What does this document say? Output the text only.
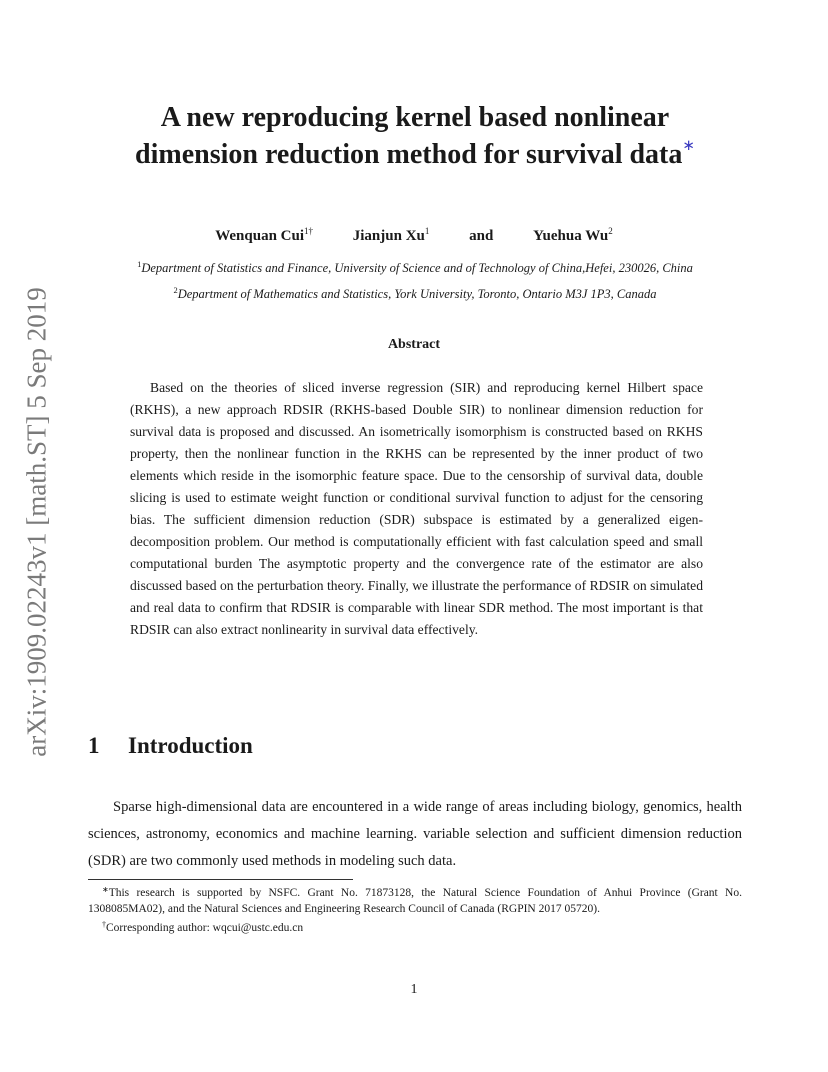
arXiv:1909.02243v1 [math.ST] 5 Sep 2019
A new reproducing kernel based nonlinear
dimension reduction method for survival data∗
Wenquan Cui$^{1\dagger}$	Jianjun Xu$^1$	and	Yuehua Wu$^2$
$^1$Department of Statistics and Finance, University of Science and of Technology of China,Hefei, 230026, China
$^2$Department of Mathematics and Statistics, York University, Toronto, Ontario M3J 1P3, Canada
Abstract

Based on the theories of sliced inverse regression (SIR) and reproducing kernel Hilbert space (RKHS), a new approach RDSIR (RKHS-based Double SIR) to nonlinear dimension reduction for survival data is proposed and discussed. An isometrically isomorphism is constructed based on RKHS property, then the nonlinear function in the RKHS can be represented by the inner product of two elements which reside in the isomorphic feature space. Due to the censorship of survival data, double slicing is used to estimate weight function or conditional survival function to adjust for the censoring bias. The sufficient dimension reduction (SDR) subspace is estimated by a generalized eigen-decomposition problem. Our method is computationally efficient with fast calculation speed and small computational burden The asymptotic property and the convergence rate of the estimator are also discussed based on the perturbation theory. Finally, we illustrate the performance of RDSIR on simulated and real data to confirm that RDSIR is comparable with linear SDR method. The most important is that RDSIR can also extract nonlinearity in survival data effectively.

1 Introduction

Sparse high-dimensional data are encountered in a wide range of areas including biology, genomics, health sciences, astronomy, economics and machine learning. variable selection and sufficient dimension reduction (SDR) are two commonly used methods in modeling such data.

∗This research is supported by NSFC. Grant No. 71873128, the Natural Science Foundation of Anhui Province (Grant No. 1308085MA02), and the Natural Sciences and Engineering Research Council of Canada (RGPIN 2017 05720).

†Corresponding author: wqcui@ustc.edu.cn

1
